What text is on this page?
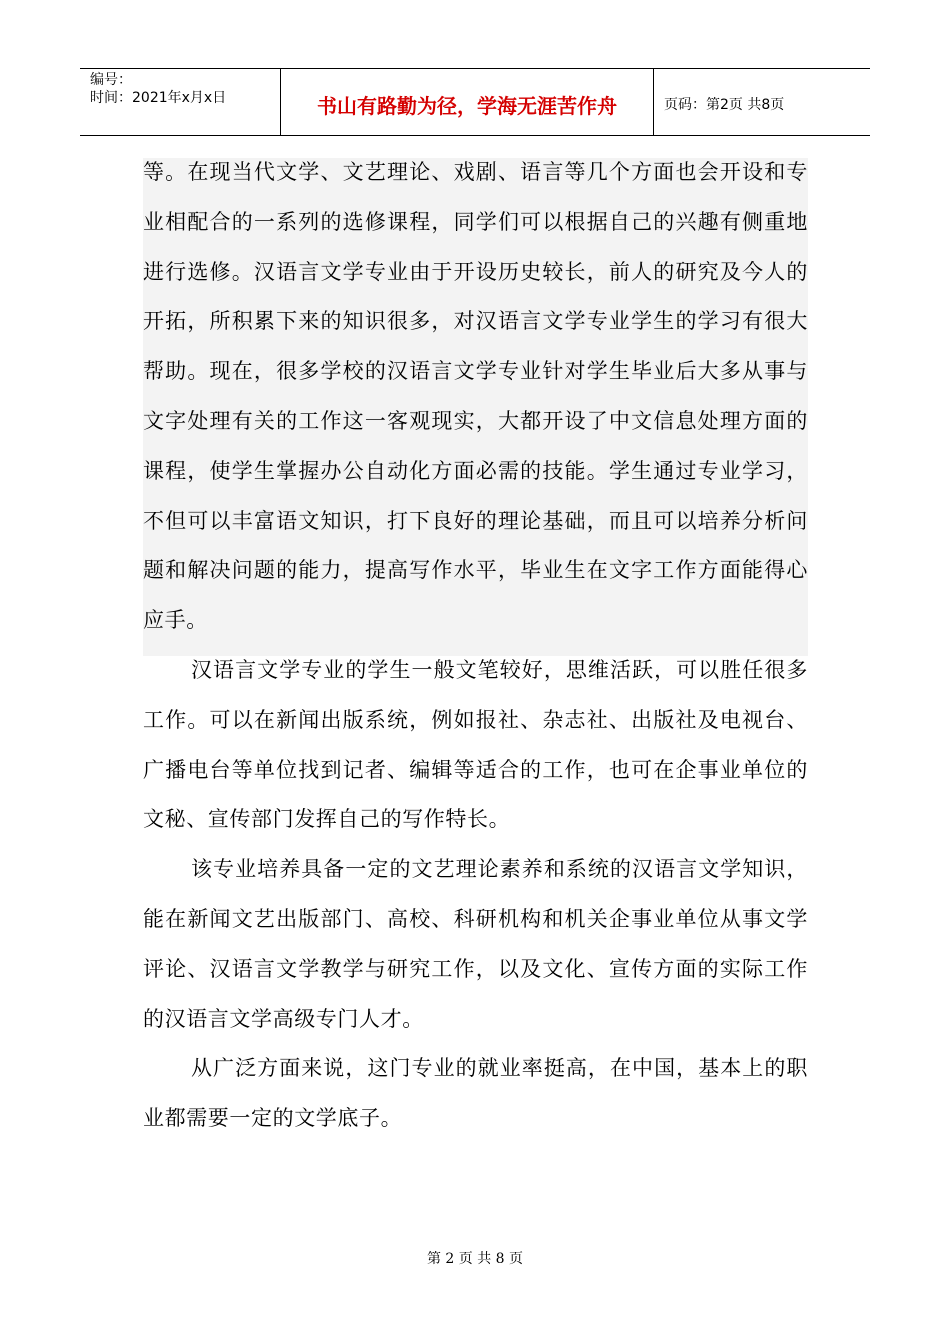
编号：
时间：2021年x月x日	书山有路勤为径，学海无涯苦作舟	页码：第2页 共8页

等。在现当代文学、文艺理论、戏剧、语言等几个方面也会开设和专业相配合的一系列的选修课程，同学们可以根据自己的兴趣有侧重地进行选修。汉语言文学专业由于开设历史较长，前人的研究及今人的开拓，所积累下来的知识很多，对汉语言文学专业学生的学习有很大帮助。现在，很多学校的汉语言文学专业针对学生毕业后大多从事与文字处理有关的工作这一客观现实，大都开设了中文信息处理方面的课程，使学生掌握办公自动化方面必需的技能。学生通过专业学习，不但可以丰富语文知识，打下良好的理论基础，而且可以培养分析问题和解决问题的能力，提高写作水平，毕业生在文字工作方面能得心应手。

汉语言文学专业的学生一般文笔较好，思维活跃，可以胜任很多工作。可以在新闻出版系统，例如报社、杂志社、出版社及电视台、广播电台等单位找到记者、编辑等适合的工作，也可在企事业单位的文秘、宣传部门发挥自己的写作特长。

该专业培养具备一定的文艺理论素养和系统的汉语言文学知识，能在新闻文艺出版部门、高校、科研机构和机关企事业单位从事文学评论、汉语言文学教学与研究工作，以及文化、宣传方面的实际工作的汉语言文学高级专门人才。

从广泛方面来说，这门专业的就业率挺高，在中国，基本上的职业都需要一定的文学底子。

第 2 页 共 8 页
